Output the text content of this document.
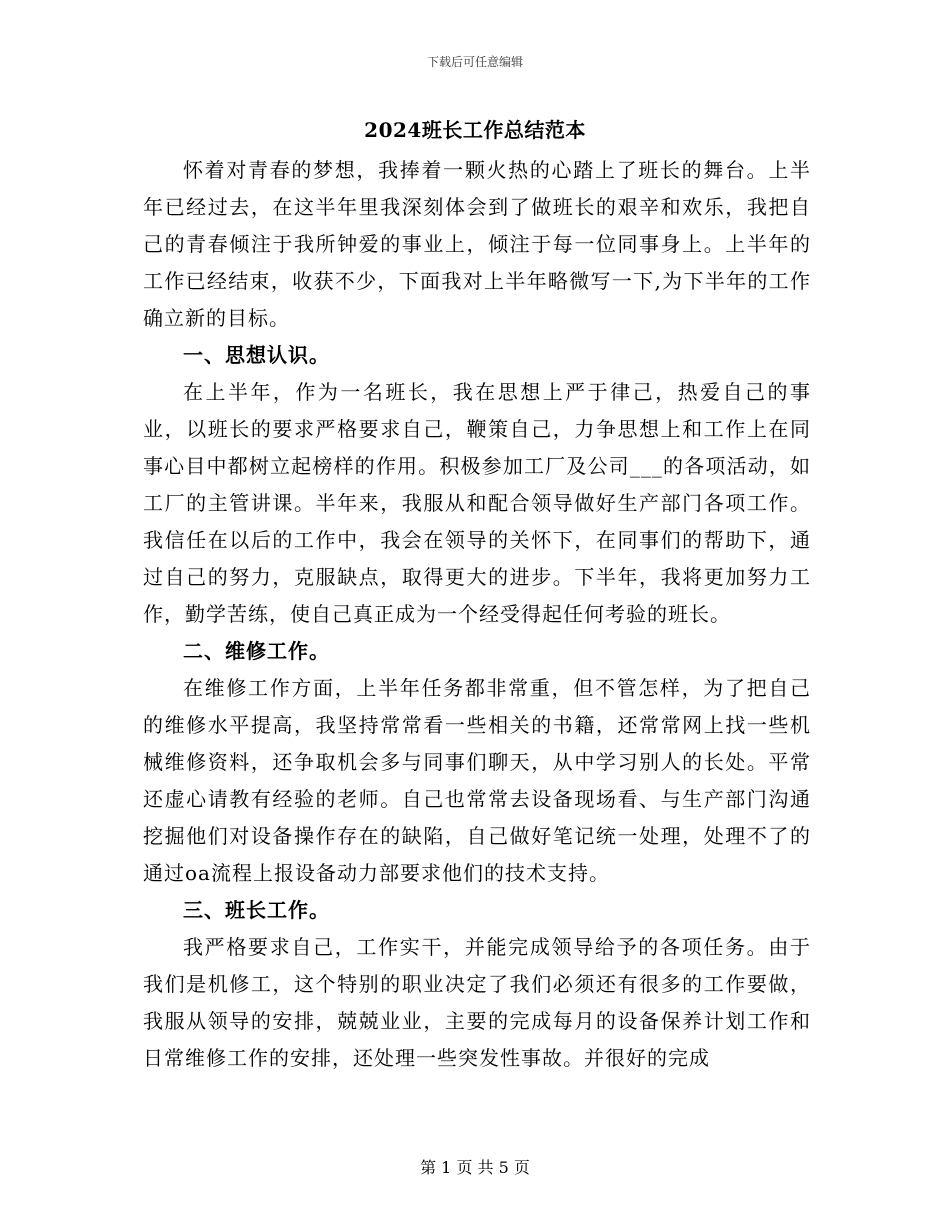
下载后可任意编辑
2024班长工作总结范本

怀着对青春的梦想，我捧着一颗火热的心踏上了班长的舞台。上半年已经过去，在这半年里我深刻体会到了做班长的艰辛和欢乐，我把自己的青春倾注于我所钟爱的事业上，倾注于每一位同事身上。上半年的工作已经结束，收获不少，下面我对上半年略微写一下,为下半年的工作确立新的目标。

一、思想认识。

在上半年，作为一名班长，我在思想上严于律己，热爱自己的事业，以班长的要求严格要求自己，鞭策自己，力争思想上和工作上在同事心目中都树立起榜样的作用。积极参加工厂及公司___的各项活动，如工厂的主管讲课。半年来，我服从和配合领导做好生产部门各项工作。我信任在以后的工作中，我会在领导的关怀下，在同事们的帮助下，通过自己的努力，克服缺点，取得更大的进步。下半年，我将更加努力工作，勤学苦练，使自己真正成为一个经受得起任何考验的班长。

二、维修工作。

在维修工作方面，上半年任务都非常重，但不管怎样，为了把自己的维修水平提高，我坚持常常看一些相关的书籍，还常常网上找一些机械维修资料，还争取机会多与同事们聊天，从中学习别人的长处。平常还虚心请教有经验的老师。自己也常常去设备现场看、与生产部门沟通挖掘他们对设备操作存在的缺陷，自己做好笔记统一处理，处理不了的通过oa流程上报设备动力部要求他们的技术支持。

三、班长工作。

我严格要求自己，工作实干，并能完成领导给予的各项任务。由于我们是机修工，这个特别的职业决定了我们必须还有很多的工作要做，我服从领导的安排，兢兢业业，主要的完成每月的设备保养计划工作和日常维修工作的安排，还处理一些突发性事故。并很好的完成

第 1 页 共 5 页
